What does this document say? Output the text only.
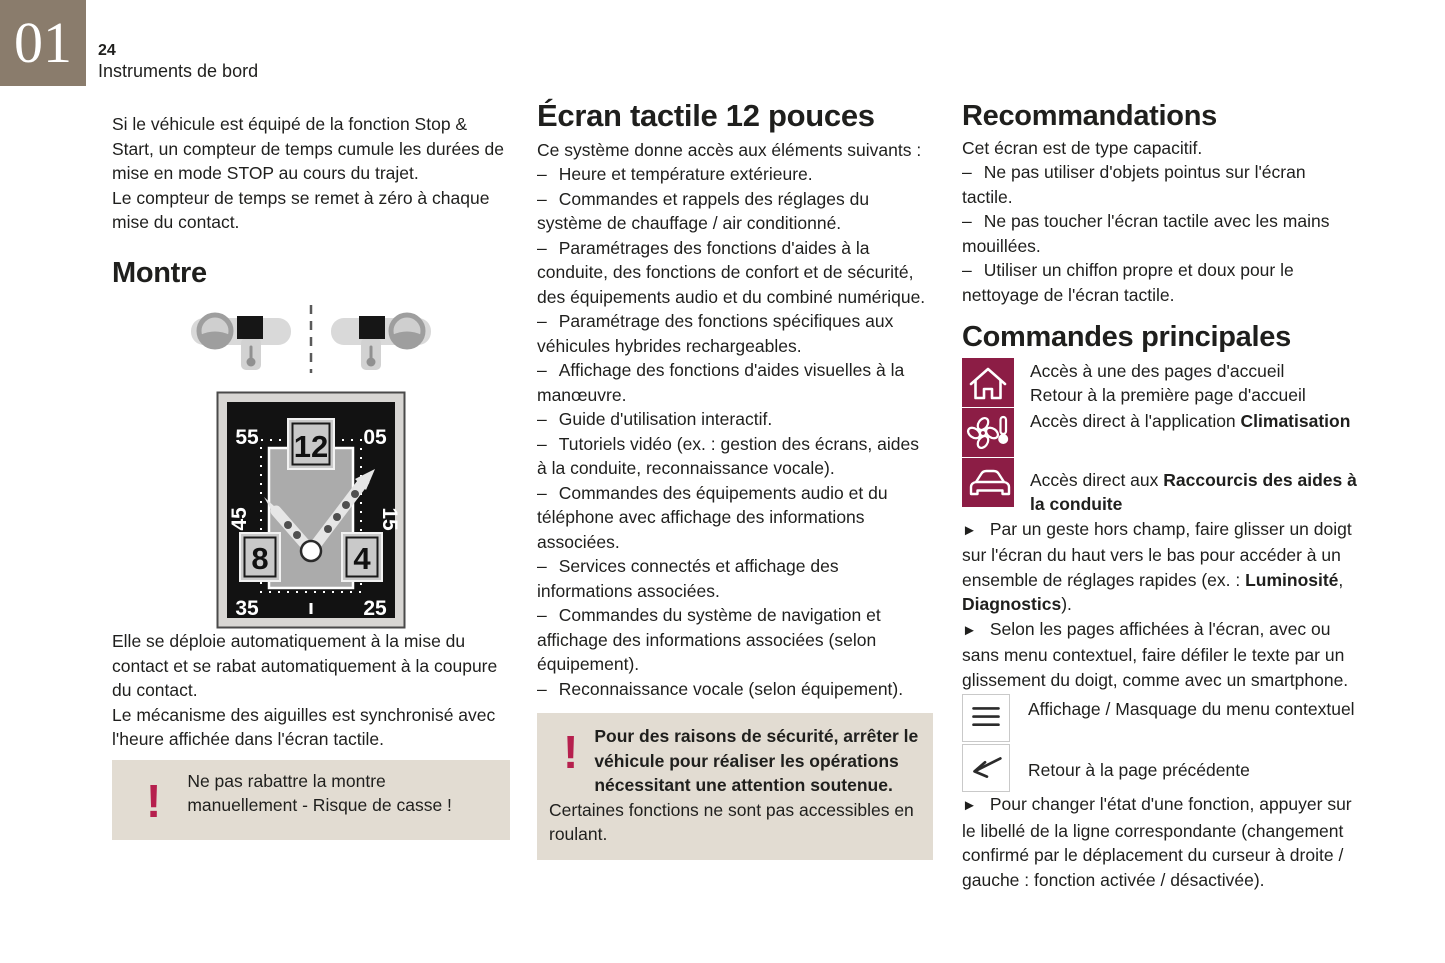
01 24
Instruments de bord

Si le véhicule est équipé de la fonction Stop & Start, un compteur de temps cumule les durées de mise en mode STOP au cours du trajet.

Le compteur de temps se remet à zéro à chaque mise du contact.

Montre
55	05
15
25
35
45
12
8	4

Elle se déploie automatiquement à la mise du contact et se rabat automatiquement à la coupure du contact.

Le mécanisme des aiguilles est synchronisé avec l'heure affichée dans l'écran tactile.

!	Ne pas rabattre la montre manuellement - Risque de casse !

Écran tactile 12 pouces

Ce système donne accès aux éléments suivants :

– Heure et température extérieure.

– Commandes et rappels des réglages du système de chauffage / air conditionné.

– Paramétrages des fonctions d'aides à la conduite, des fonctions de confort et de sécurité, des équipements audio et du combiné numérique.

– Paramétrage des fonctions spécifiques aux véhicules hybrides rechargeables.

– Affichage des fonctions d'aides visuelles à la manœuvre.

– Guide d'utilisation interactif.

– Tutoriels vidéo (ex. : gestion des écrans, aides à la conduite, reconnaissance vocale).

– Commandes des équipements audio et du téléphone avec affichage des informations associées.

– Services connectés et affichage des informations associées.

– Commandes du système de navigation et affichage des informations associées (selon équipement).

– Reconnaissance vocale (selon équipement).

! Pour des raisons de sécurité, arrêter le véhicule pour réaliser les opérations nécessitant une attention soutenue.
Certaines fonctions ne sont pas accessibles en roulant.

Recommandations

Cet écran est de type capacitif.

– Ne pas utiliser d'objets pointus sur l'écran tactile.

– Ne pas toucher l'écran tactile avec les mains mouillées.

– Utiliser un chiffon propre et doux pour le nettoyage de l'écran tactile.

Commandes principales
Accès à une des pages d'accueil
Retour à la première page d'accueil
Accès direct à l'application Climatisation
Accès direct aux Raccourcis des aides à la conduite

► Par un geste hors champ, faire glisser un doigt sur l'écran du haut vers le bas pour accéder à un ensemble de réglages rapides (ex. : Luminosité, Diagnostics).

► Selon les pages affichées à l'écran, avec ou sans menu contextuel, faire défiler le texte par un glissement du doigt, comme avec un smartphone.

Affichage / Masquage du menu contextuel
Retour à la page précédente

► Pour changer l'état d'une fonction, appuyer sur le libellé de la ligne correspondante (changement confirmé par le déplacement du curseur à droite / gauche : fonction activée / désactivée).
